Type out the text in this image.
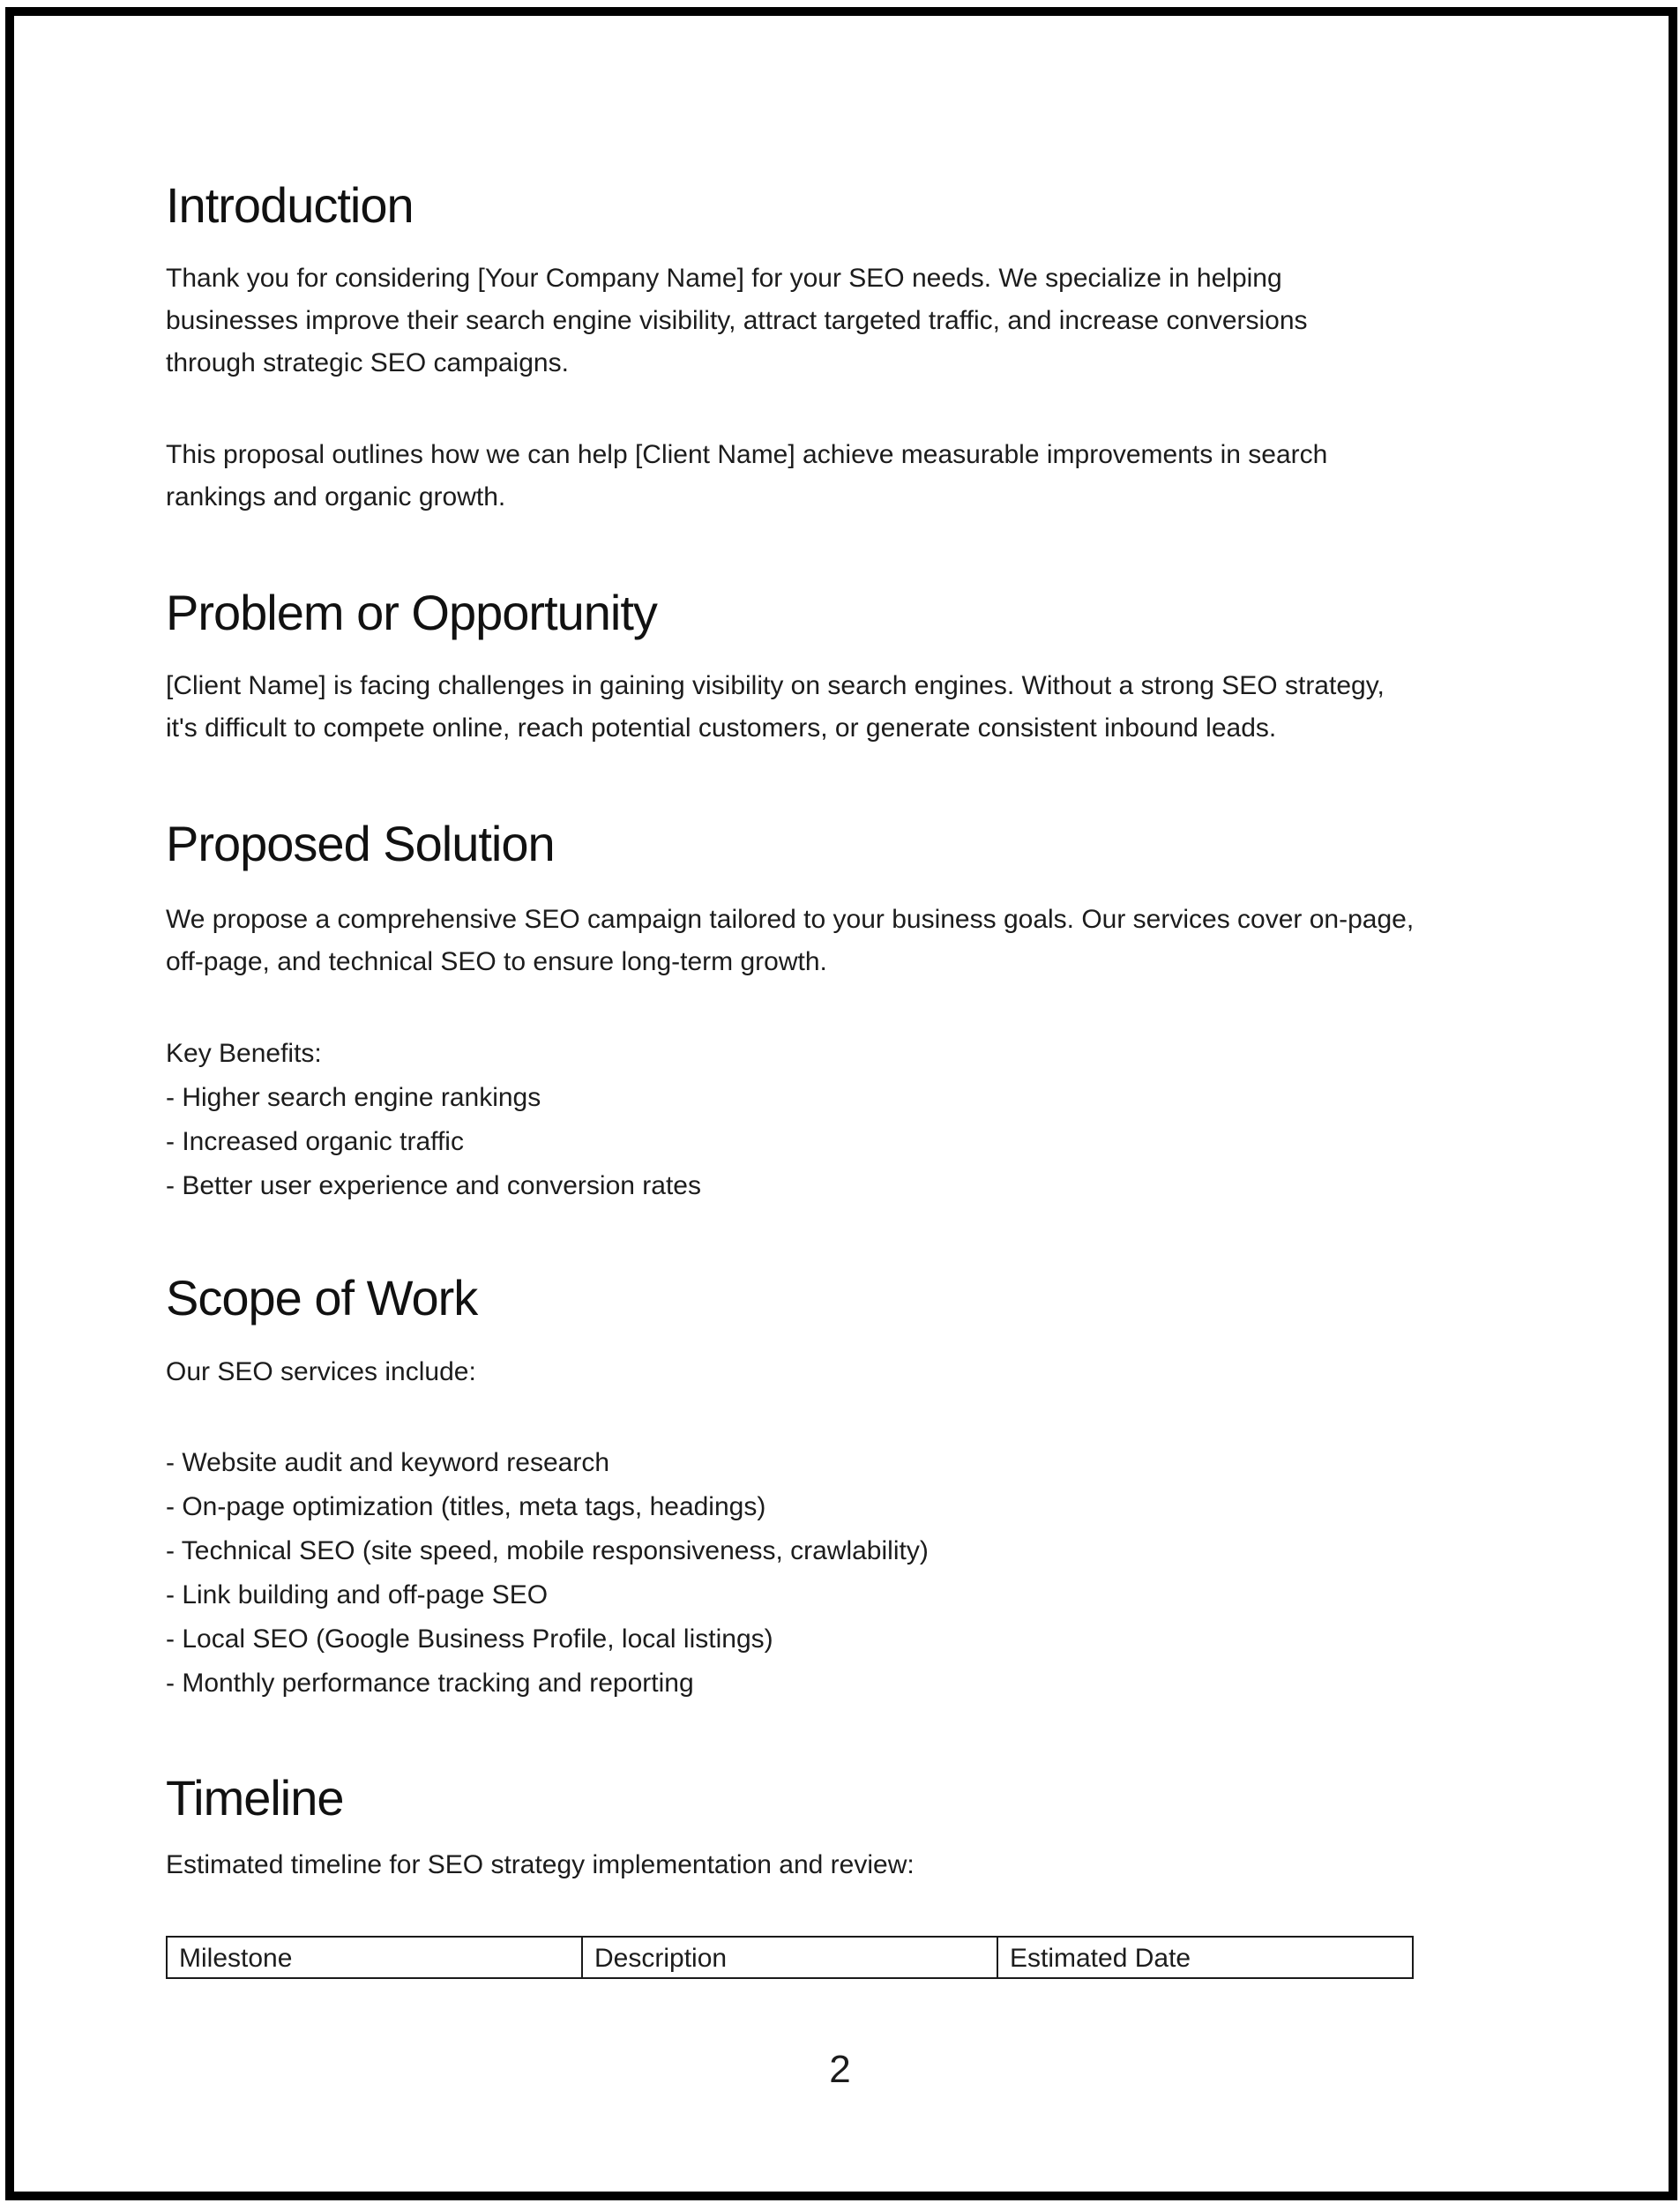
Introduction
Thank you for considering [Your Company Name] for your SEO needs. We specialize in helping
businesses improve their search engine visibility, attract targeted traffic, and increase conversions
through strategic SEO campaigns.
This proposal outlines how we can help [Client Name] achieve measurable improvements in search
rankings and organic growth.
Problem or Opportunity
[Client Name] is facing challenges in gaining visibility on search engines. Without a strong SEO strategy,
it's difficult to compete online, reach potential customers, or generate consistent inbound leads.
Proposed Solution
We propose a comprehensive SEO campaign tailored to your business goals. Our services cover on-page,
off-page, and technical SEO to ensure long-term growth.
Key Benefits:
- Higher search engine rankings
- Increased organic traffic
- Better user experience and conversion rates
Scope of Work
Our SEO services include:
- Website audit and keyword research
- On-page optimization (titles, meta tags, headings)
- Technical SEO (site speed, mobile responsiveness, crawlability)
- Link building and off-page SEO
- Local SEO (Google Business Profile, local listings)
- Monthly performance tracking and reporting
Timeline
Estimated timeline for SEO strategy implementation and review:
Milestone	Description	Estimated Date
2
